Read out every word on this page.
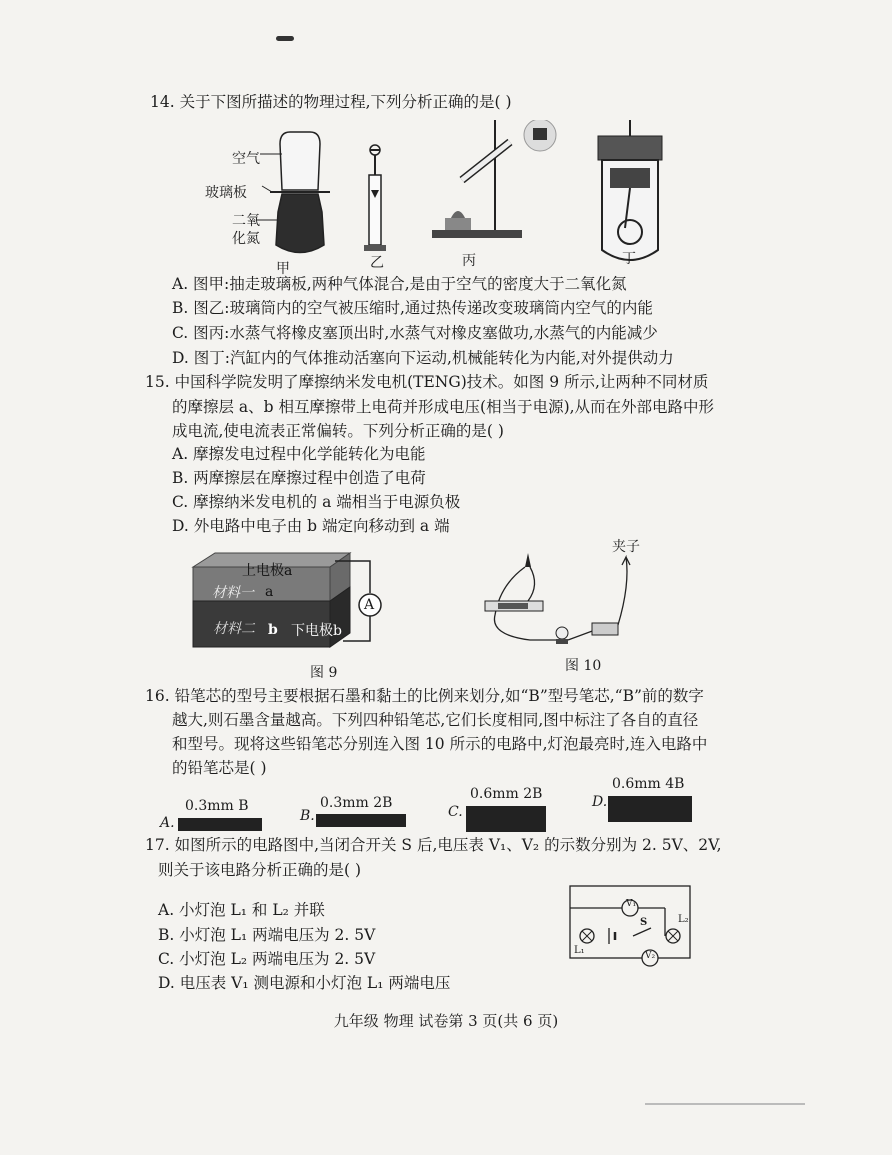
14. 关于下图所描述的物理过程,下列分析正确的是( )
空气
玻璃板
二氧
化氮
甲	乙	丙	丁
A. 图甲:抽走玻璃板,两种气体混合,是由于空气的密度大于二氧化氮
B. 图乙:玻璃筒内的空气被压缩时,通过热传递改变玻璃筒内空气的内能
C. 图丙:水蒸气将橡皮塞顶出时,水蒸气对橡皮塞做功,水蒸气的内能减少
D. 图丁:汽缸内的气体推动活塞向下运动,机械能转化为内能,对外提供动力
15. 中国科学院发明了摩擦纳米发电机(TENG)技术。如图 9 所示,让两种不同材质
的摩擦层 a、b 相互摩擦带上电荷并形成电压(相当于电源),从而在外部电路中形
成电流,使电流表正常偏转。下列分析正确的是( )
A. 摩擦发电过程中化学能转化为电能
B. 两摩擦层在摩擦过程中创造了电荷
C. 摩擦纳米发电机的 a 端相当于电源负极
D. 外电路中电子由 b 端定向移动到 a 端
上电极a
材料一 a
材料二 b 下电极b
A
图 9
夹子
图 10
16. 铅笔芯的型号主要根据石墨和黏土的比例来划分,如“B”型号笔芯,“B”前的数字
越大,则石墨含量越高。下列四种铅笔芯,它们长度相同,图中标注了各自的直径
和型号。现将这些铅笔芯分别连入图 10 所示的电路中,灯泡最亮时,连入电路中
的铅笔芯是( )
0.3mm B
A.
0.3mm 2B
B.
0.6mm 2B
C.
0.6mm 4B
D.
17. 如图所示的电路图中,当闭合开关 S 后,电压表 V₁、V₂ 的示数分别为 2. 5V、2V,
则关于该电路分析正确的是( )
A. 小灯泡 L₁ 和 L₂ 并联
B. 小灯泡 L₁ 两端电压为 2. 5V
C. 小灯泡 L₂ 两端电压为 2. 5V
D. 电压表 V₁ 测电源和小灯泡 L₁ 两端电压
V₁
S	L₂
L₁	V₂
九年级 物理 试卷第 3 页(共 6 页)
